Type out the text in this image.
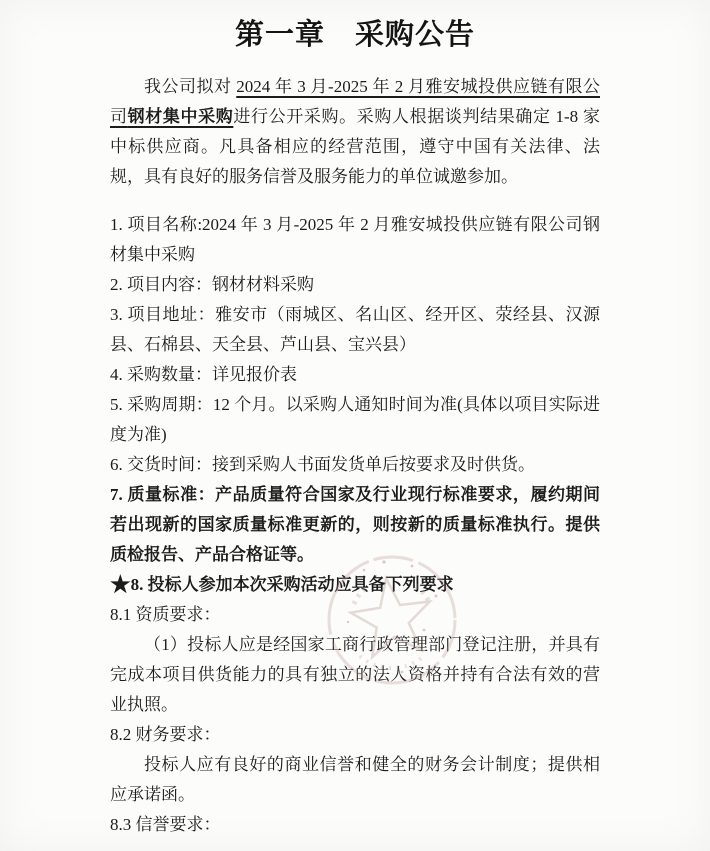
第一章　采购公告

我公司拟对 2024 年 3 月-2025 年 2 月雅安城投供应链有限公司钢材集中采购进行公开采购。采购人根据谈判结果确定 1-8 家中标供应商。凡具备相应的经营范围，遵守中国有关法律、法规，具有良好的服务信誉及服务能力的单位诚邀参加。

1. 项目名称:2024 年 3 月-2025 年 2 月雅安城投供应链有限公司钢材集中采购

2. 项目内容：钢材材料采购

3. 项目地址：雅安市（雨城区、名山区、经开区、荥经县、汉源县、石棉县、天全县、芦山县、宝兴县）

4. 采购数量：详见报价表

5. 采购周期：12 个月。以采购人通知时间为准(具体以项目实际进度为准)

6. 交货时间：接到采购人书面发货单后按要求及时供货。

7. 质量标准：产品质量符合国家及行业现行标准要求，履约期间若出现新的国家质量标准更新的，则按新的质量标准执行。提供质检报告、产品合格证等。

★8. 投标人参加本次采购活动应具备下列要求

8.1 资质要求：

（1）投标人应是经国家工商行政管理部门登记注册，并具有完成本项目供货能力的具有独立的法人资格并持有合法有效的营业执照。

8.2 财务要求：

投标人应有良好的商业信誉和健全的财务会计制度；提供相应承诺函。

8.3 信誉要求：
